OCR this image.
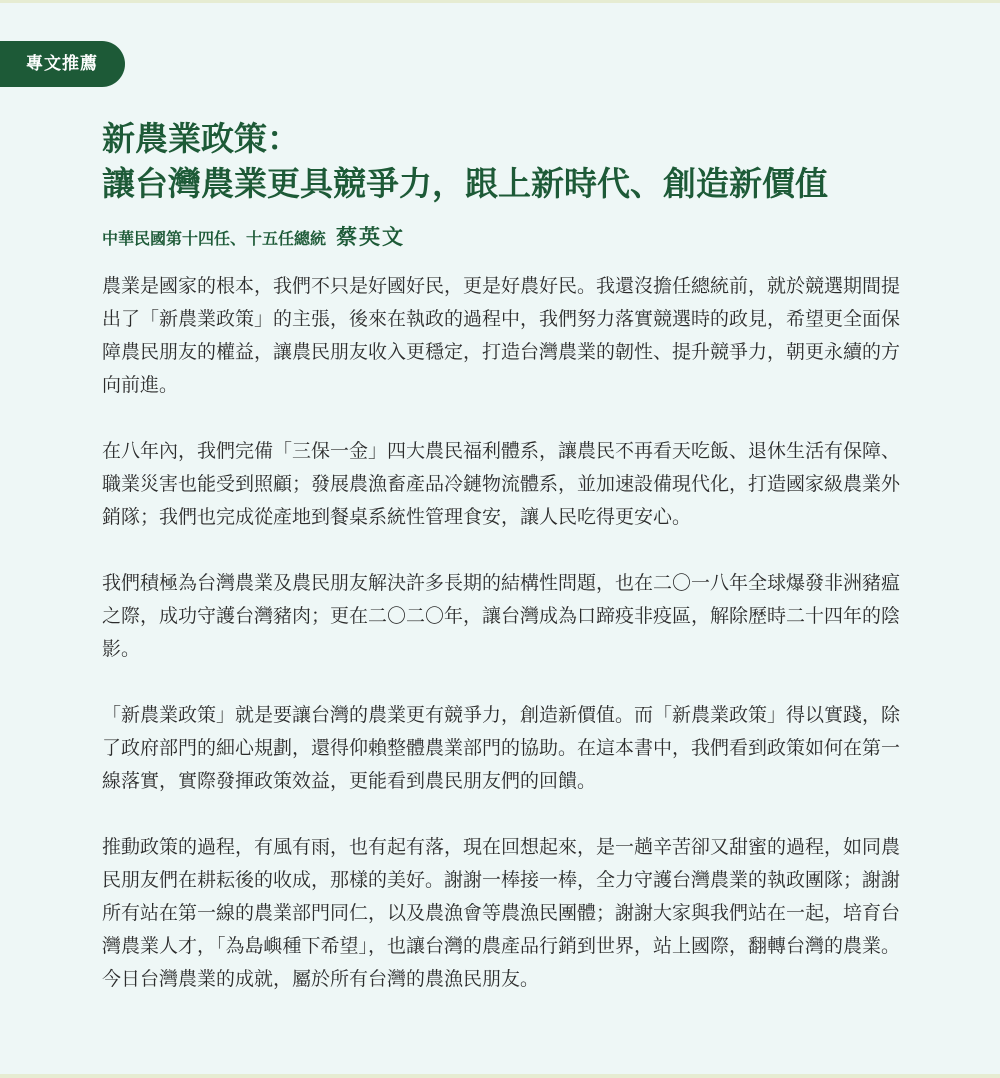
專文推薦
新農業政策：
讓台灣農業更具競爭力，跟上新時代、創造新價值
中華民國第十四任、十五任總統 蔡英文

農業是國家的根本，我們不只是好國好民，更是好農好民。我還沒擔任總統前，就於競選期間提出了「新農業政策」的主張，後來在執政的過程中，我們努力落實競選時的政見，希望更全面保障農民朋友的權益，讓農民朋友收入更穩定，打造台灣農業的韌性、提升競爭力，朝更永續的方向前進。

在八年內，我們完備「三保一金」四大農民福利體系，讓農民不再看天吃飯、退休生活有保障、職業災害也能受到照顧；發展農漁畜產品冷鏈物流體系，並加速設備現代化，打造國家級農業外銷隊；我們也完成從產地到餐桌系統性管理食安，讓人民吃得更安心。

我們積極為台灣農業及農民朋友解決許多長期的結構性問題，也在二〇一八年全球爆發非洲豬瘟之際，成功守護台灣豬肉；更在二〇二〇年，讓台灣成為口蹄疫非疫區，解除歷時二十四年的陰影。

「新農業政策」就是要讓台灣的農業更有競爭力，創造新價值。而「新農業政策」得以實踐，除了政府部門的細心規劃，還得仰賴整體農業部門的協助。在這本書中，我們看到政策如何在第一線落實，實際發揮政策效益，更能看到農民朋友們的回饋。

推動政策的過程，有風有雨，也有起有落，現在回想起來，是一趟辛苦卻又甜蜜的過程，如同農民朋友們在耕耘後的收成，那樣的美好。謝謝一棒接一棒，全力守護台灣農業的執政團隊；謝謝所有站在第一線的農業部門同仁，以及農漁會等農漁民團體；謝謝大家與我們站在一起，培育台灣農業人才，「為島嶼種下希望」，也讓台灣的農產品行銷到世界，站上國際，翻轉台灣的農業。

今日台灣農業的成就，屬於所有台灣的農漁民朋友。
